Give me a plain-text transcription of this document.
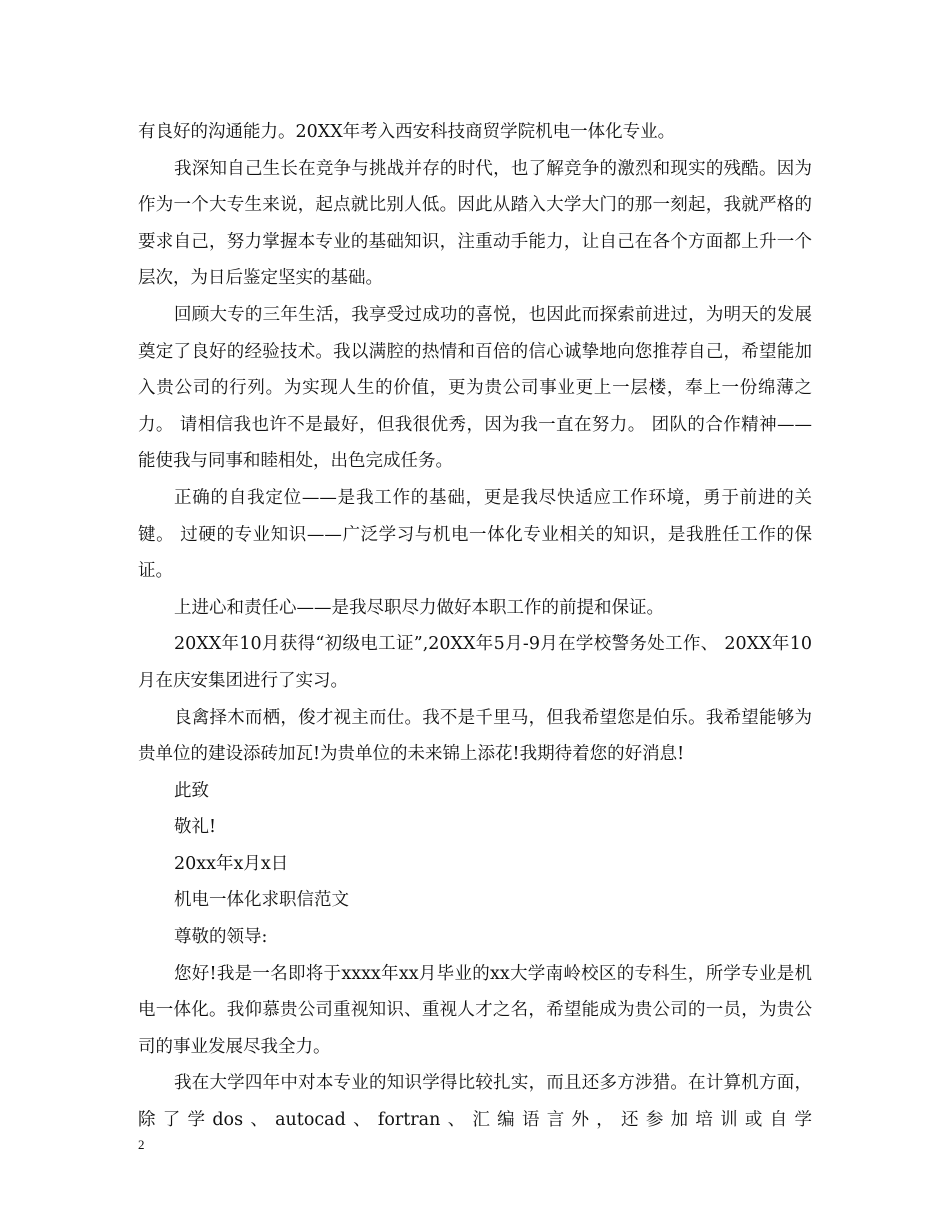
有良好的沟通能力。20XX年考入西安科技商贸学院机电一体化专业。

我深知自己生长在竞争与挑战并存的时代，也了解竞争的激烈和现实的残酷。因为作为一个大专生来说，起点就比别人低。因此从踏入大学大门的那一刻起，我就严格的要求自己，努力掌握本专业的基础知识，注重动手能力，让自己在各个方面都上升一个层次，为日后鉴定坚实的基础。

回顾大专的三年生活，我享受过成功的喜悦，也因此而探索前进过，为明天的发展奠定了良好的经验技术。我以满腔的热情和百倍的信心诚挚地向您推荐自己，希望能加入贵公司的行列。为实现人生的价值，更为贵公司事业更上一层楼，奉上一份绵薄之力。 请相信我也许不是最好，但我很优秀，因为我一直在努力。 团队的合作精神——能使我与同事和睦相处，出色完成任务。

正确的自我定位——是我工作的基础，更是我尽快适应工作环境，勇于前进的关键。 过硬的专业知识——广泛学习与机电一体化专业相关的知识，是我胜任工作的保证。

上进心和责任心——是我尽职尽力做好本职工作的前提和保证。

20XX年10月获得“初级电工证”,20XX年5月-9月在学校警务处工作、 20XX年10月在庆安集团进行了实习。

良禽择木而栖，俊才视主而仕。我不是千里马，但我希望您是伯乐。我希望能够为贵单位的建设添砖加瓦!为贵单位的未来锦上添花!我期待着您的好消息!

此致

敬礼!

20xx年x月x日

机电一体化求职信范文

尊敬的领导:

您好!我是一名即将于xxxx年xx月毕业的xx大学南岭校区的专科生，所学专业是机电一体化。我仰慕贵公司重视知识、重视人才之名，希望能成为贵公司的一员，为贵公司的事业发展尽我全力。

我在大学四年中对本专业的知识学得比较扎实，而且还多方涉猎。在计算机方面，除了学dos、autocad、fortran、汇编语言外，还参加培训或自学

2
